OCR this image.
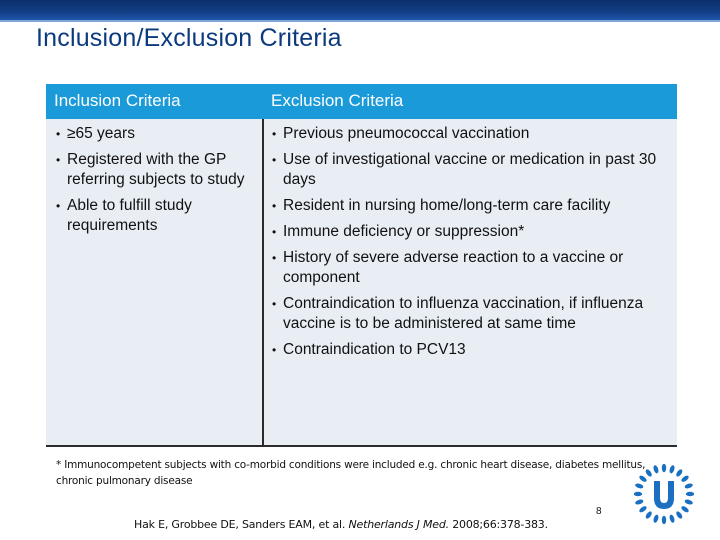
Inclusion/Exclusion Criteria
Inclusion Criteria	Exclusion Criteria
• ≥65 years
• Registered with the GP referring subjects to study
• Able to fulfill study requirements
• Previous pneumococcal vaccination
• Use of investigational vaccine or medication in past 30 days
• Resident in nursing home/long-term care facility
• Immune deficiency or suppression*
• History of severe adverse reaction to a vaccine or component
• Contraindication to influenza vaccination, if influenza vaccine is to be administered at same time
• Contraindication to PCV13

* Immunocompetent subjects with co-morbid conditions were included e.g. chronic heart disease, diabetes mellitus, chronic pulmonary disease

8
Hak E, Grobbee DE, Sanders EAM, et al. Netherlands J Med. 2008;66:378-383.
